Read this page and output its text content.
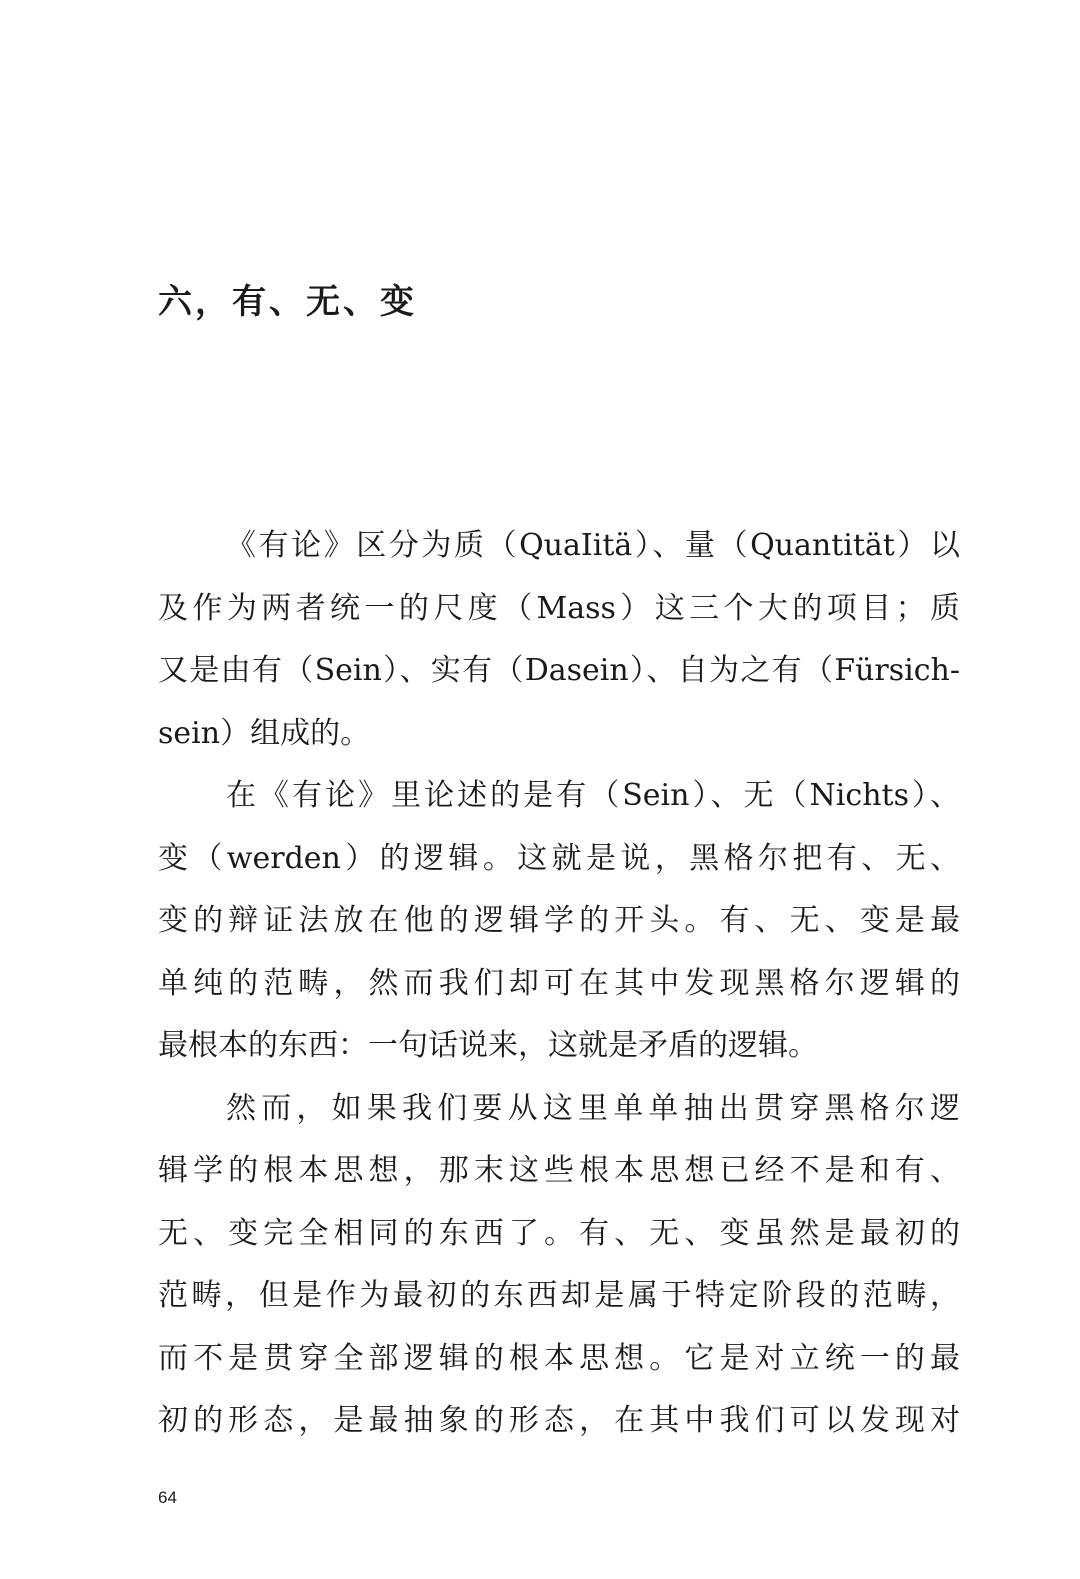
六，有、无、变
《有论》区分为质（QuaIitä）、量（Quantität）以
及作为两者统一的尺度（Mass）这三个大的项目；质
又是由有（Sein）、实有（Dasein）、自为之有（Fürsich-
sein）组成的。
在《有论》里论述的是有（Sein）、无（Nichts）、
变（werden）的逻辑。这就是说，黑格尔把有、无、
变的辩证法放在他的逻辑学的开头。有、无、变是最
单纯的范畴，然而我们却可在其中发现黑格尔逻辑的
最根本的东西：一句话说来，这就是矛盾的逻辑。
然而，如果我们要从这里单单抽出贯穿黑格尔逻
辑学的根本思想，那末这些根本思想已经不是和有、
无、变完全相同的东西了。有、无、变虽然是最初的
范畴，但是作为最初的东西却是属于特定阶段的范畴，
而不是贯穿全部逻辑的根本思想。它是对立统一的最
初的形态，是最抽象的形态，在其中我们可以发现对
64
